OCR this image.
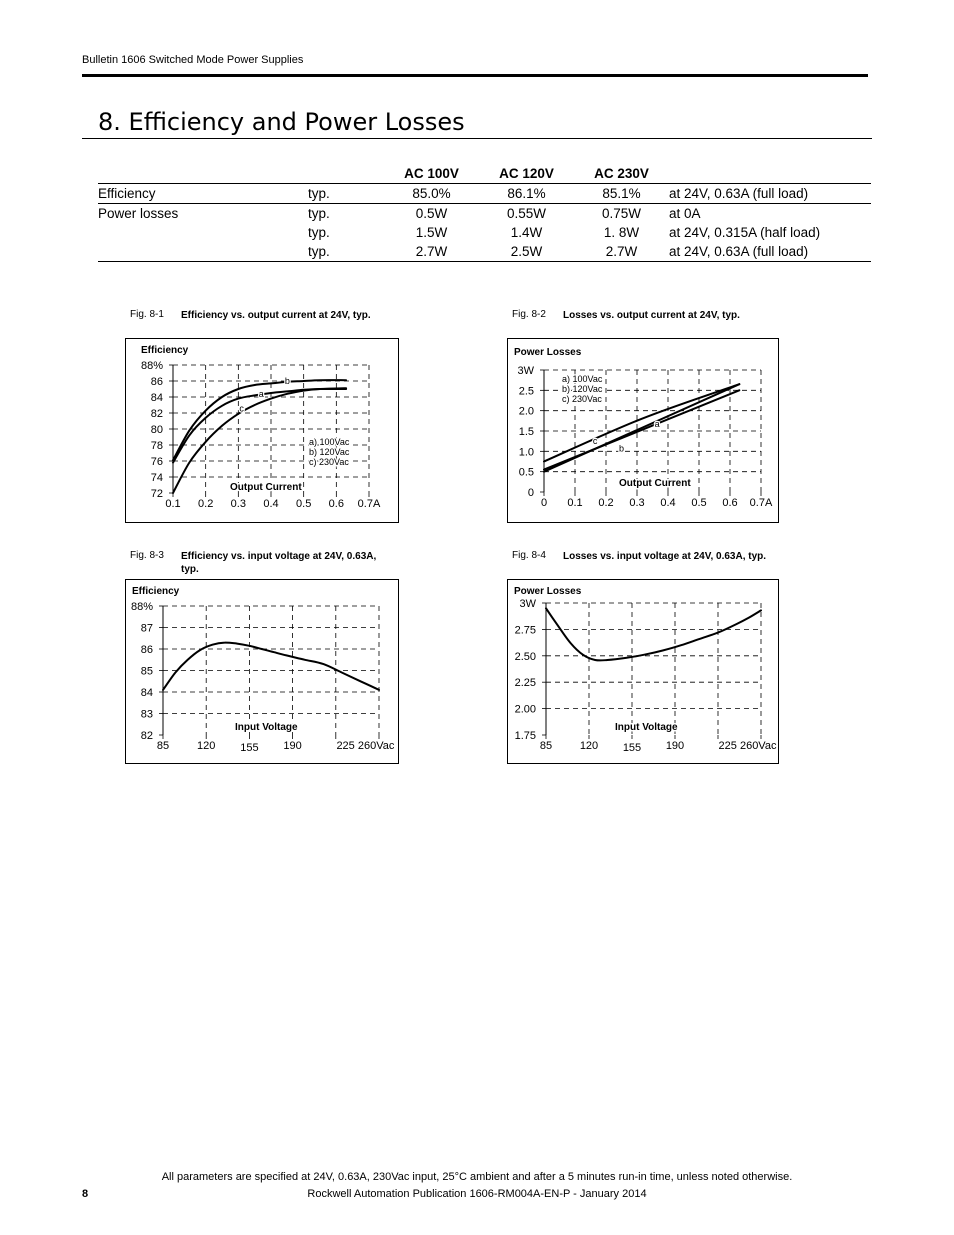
Bulletin 1606 Switched Mode Power Supplies
8. Efficiency and Power Losses
		AC 100V	AC 120V	AC 230V	
Efficiency	typ.	85.0%	86.1%	85.1%	at 24V, 0.63A (full load)
Power losses	typ.	0.5W	0.55W	0.75W	at 0A
	typ.	1.5W	1.4W	1. 8W	at 24V, 0.315A (half load)
	typ.	2.7W	2.5W	2.7W	at 24V, 0.63A (full load)
Fig. 8-1 Efficiency vs. output current at 24V, typ.	Fig. 8-2 Losses vs. output current at 24V, typ.
Fig. 8-3 Efficiency vs. input voltage at 24V, 0.63A, typ.
Fig. 8-4 Losses vs. input voltage at 24V, 0.63A, typ.
0.1 0.2 0.3 0.4 0.5 0.6 0.7A
72
74
76
78
80
82
84
86
88%
Efficiency
Output Current
a
b
c
a) 100Vac
b) 120Vac
c) 230Vac
0 0.1 0.2 0.3 0.4 0.5 0.6 0.7A
0
0.5
1.0
1.5
2.0
2.5
3W
Power Losses
Output Current
a
b
c
a) 100Vac
b) 120Vac
c) 230Vac
85	120 155 190	225 260Vac
82
83
84
85
86
87
88%
Efficiency
Input Voltage
85	120 155 190	225 260Vac
1.75
2.00
2.25
2.50
2.75
3W
Power Losses
Input Voltage
All parameters are specified at 24V, 0.63A, 230Vac input, 25°C ambient and after a 5 minutes run-in time, unless noted otherwise.
Rockwell Automation Publication 1606-RM004A-EN-P - January 2014
8
